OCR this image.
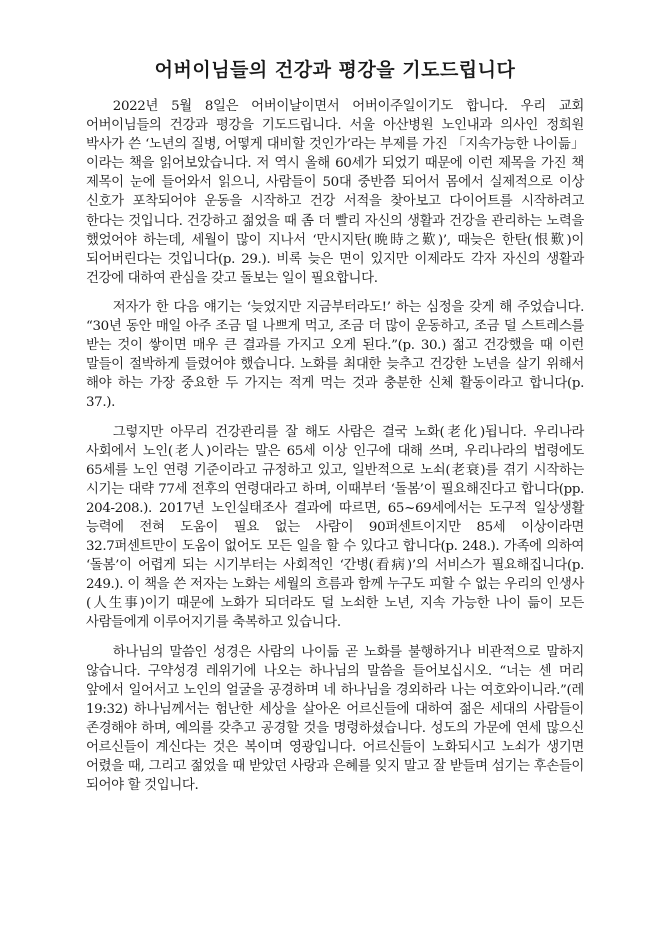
어버이님들의 건강과 평강을 기도드립니다

2022년 5월 8일은 어버이날이면서 어버이주일이기도 합니다. 우리 교회 어버이님들의 건강과 평강을 기도드립니다. 서울 아산병원 노인내과 의사인 정희원 박사가 쓴 ‘노년의 질병, 어떻게 대비할 것인가’라는 부제를 가진 「지속가능한 나이듦」이라는 책을 읽어보았습니다. 저 역시 올해 60세가 되었기 때문에 이런 제목을 가진 책 제목이 눈에 들어와서 읽으니, 사람들이 50대 중반쯤 되어서 몸에서 실제적으로 이상 신호가 포착되어야 운동을 시작하고 건강 서적을 찾아보고 다이어트를 시작하려고 한다는 것입니다. 건강하고 젊었을 때 좀 더 빨리 자신의 생활과 건강을 관리하는 노력을 했었어야 하는데, 세월이 많이 지나서 ‘만시지탄(晩時之歎)’, 때늦은 한탄(恨歎)이 되어버린다는 것입니다(p. 29.). 비록 늦은 면이 있지만 이제라도 각자 자신의 생활과 건강에 대하여 관심을 갖고 돌보는 일이 필요합니다.

저자가 한 다음 얘기는 ‘늦었지만 지금부터라도!’ 하는 심정을 갖게 해 주었습니다. “30년 동안 매일 아주 조금 덜 나쁘게 먹고, 조금 더 많이 운동하고, 조금 덜 스트레스를 받는 것이 쌓이면 매우 큰 결과를 가지고 오게 된다.”(p. 30.) 젊고 건강했을 때 이런 말들이 절박하게 들렸어야 했습니다. 노화를 최대한 늦추고 건강한 노년을 살기 위해서 해야 하는 가장 중요한 두 가지는 적게 먹는 것과 충분한 신체 활동이라고 합니다(p. 37.).

그렇지만 아무리 건강관리를 잘 해도 사람은 결국 노화(老化)됩니다. 우리나라 사회에서 노인(老人)이라는 말은 65세 이상 인구에 대해 쓰며, 우리나라의 법령에도 65세를 노인 연령 기준이라고 규정하고 있고, 일반적으로 노쇠(老衰)를 겪기 시작하는 시기는 대략 77세 전후의 연령대라고 하며, 이때부터 ‘돌봄’이 필요해진다고 합니다(pp. 204-208.). 2017년 노인실태조사 결과에 따르면, 65~69세에서는 도구적 일상생활 능력에 전혀 도움이 필요 없는 사람이 90퍼센트이지만 85세 이상이라면 32.7퍼센트만이 도움이 없어도 모든 일을 할 수 있다고 합니다(p. 248.). 가족에 의하여 ‘돌봄’이 어렵게 되는 시기부터는 사회적인 ‘간병(看病)’의 서비스가 필요해집니다(p. 249.). 이 책을 쓴 저자는 노화는 세월의 흐름과 함께 누구도 피할 수 없는 우리의 인생사(人生事)이기 때문에 노화가 되더라도 덜 노쇠한 노년, 지속 가능한 나이 듦이 모든 사람들에게 이루어지기를 축복하고 있습니다.

하나님의 말씀인 성경은 사람의 나이듦 곧 노화를 불행하거나 비관적으로 말하지 않습니다. 구약성경 레위기에 나오는 하나님의 말씀을 들어보십시오. “너는 센 머리 앞에서 일어서고 노인의 얼굴을 공경하며 네 하나님을 경외하라 나는 여호와이니라.”(레 19:32) 하나님께서는 험난한 세상을 살아온 어르신들에 대하여 젊은 세대의 사람들이 존경해야 하며, 예의를 갖추고 공경할 것을 명령하셨습니다. 성도의 가문에 연세 많으신 어르신들이 계신다는 것은 복이며 영광입니다. 어르신들이 노화되시고 노쇠가 생기면 어렸을 때, 그리고 젊었을 때 받았던 사랑과 은혜를 잊지 말고 잘 받들며 섬기는 후손들이 되어야 할 것입니다.
